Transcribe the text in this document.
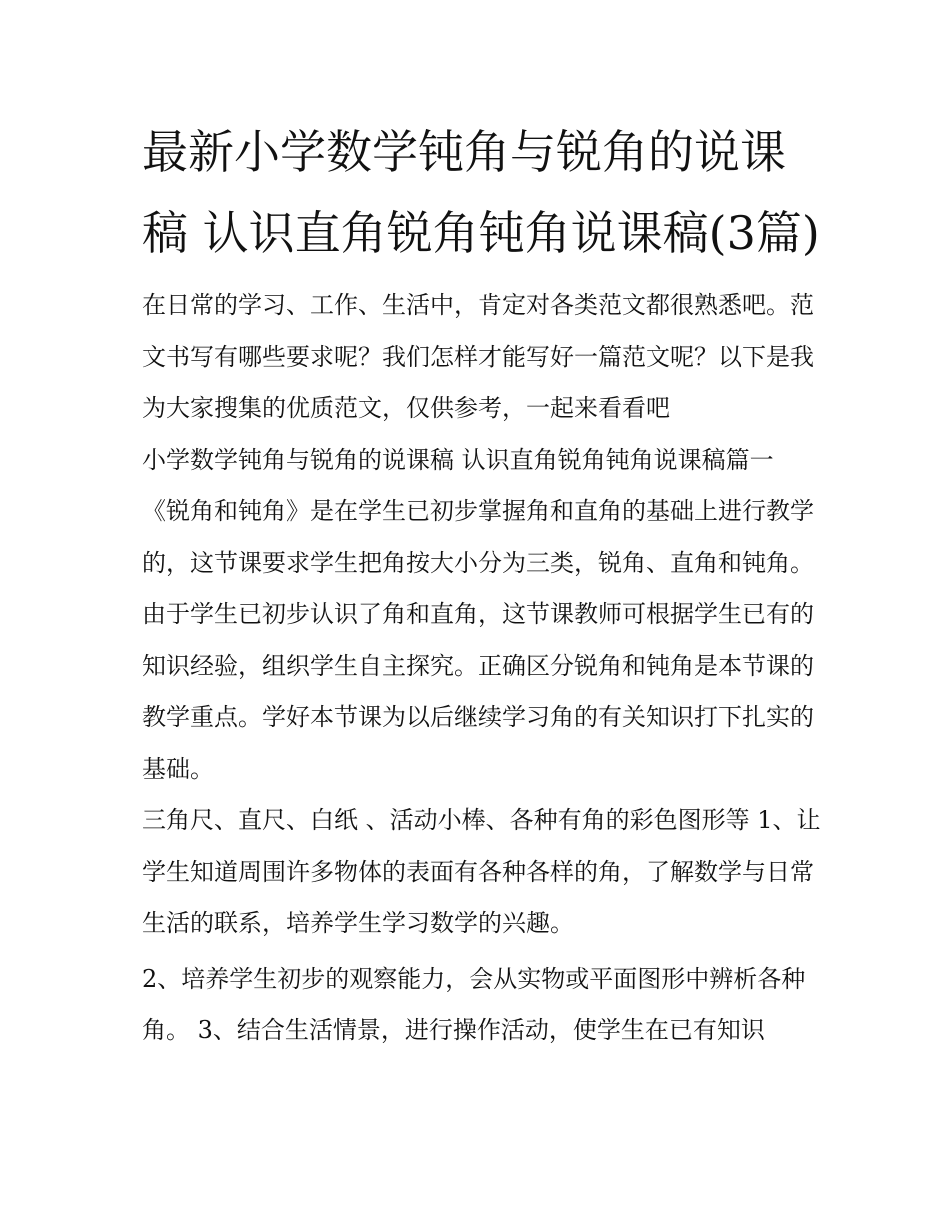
最新小学数学钝角与锐角的说课稿 认识直角锐角钝角说课稿(3篇)

在日常的学习、工作、生活中，肯定对各类范文都很熟悉吧。范文书写有哪些要求呢？我们怎样才能写好一篇范文呢？以下是我为大家搜集的优质范文，仅供参考，一起来看看吧

小学数学钝角与锐角的说课稿 认识直角锐角钝角说课稿篇一

《锐角和钝角》是在学生已初步掌握角和直角的基础上进行教学的，这节课要求学生把角按大小分为三类，锐角、直角和钝角。由于学生已初步认识了角和直角，这节课教师可根据学生已有的知识经验，组织学生自主探究。正确区分锐角和钝角是本节课的教学重点。学好本节课为以后继续学习角的有关知识打下扎实的基础。

三角尺、直尺、白纸 、活动小棒、各种有角的彩色图形等 1、让学生知道周围许多物体的表面有各种各样的角，了解数学与日常生活的联系，培养学生学习数学的兴趣。

2、培养学生初步的观察能力，会从实物或平面图形中辨析各种角。 3、结合生活情景，进行操作活动，使学生在已有知识
